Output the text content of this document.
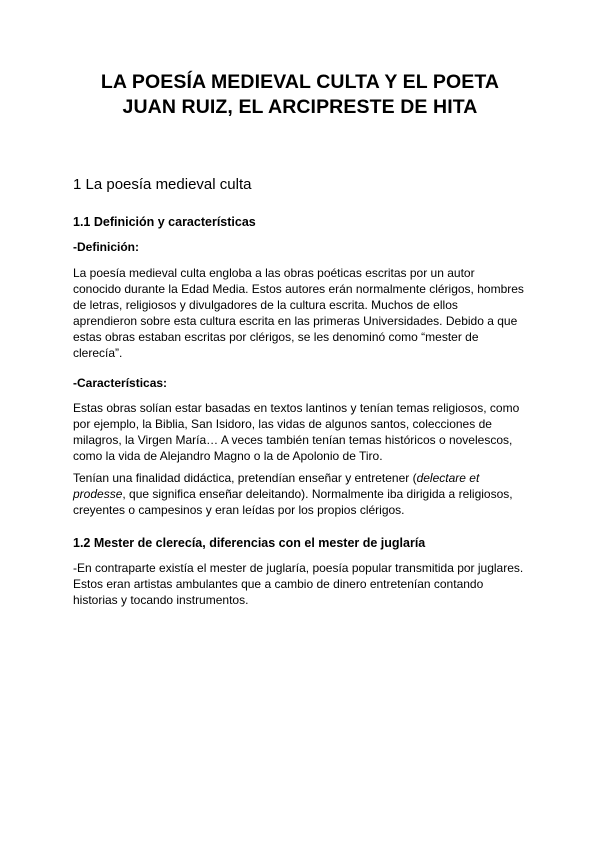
LA POESÍA MEDIEVAL CULTA Y EL POETA
JUAN RUIZ, EL ARCIPRESTE DE HITA
1 La poesía medieval culta
1.1 Definición y características

-Definición:

La poesía medieval culta engloba a las obras poéticas escritas por un autor
conocido durante la Edad Media. Estos autores erán normalmente clérigos, hombres
de letras, religiosos y divulgadores de la cultura escrita. Muchos de ellos
aprendieron sobre esta cultura escrita en las primeras Universidades. Debido a que
estas obras estaban escritas por clérigos, se les denominó como “mester de
clerecía”.

-Características:

Estas obras solían estar basadas en textos lantinos y tenían temas religiosos, como
por ejemplo, la Biblia, San Isidoro, las vidas de algunos santos, colecciones de
milagros, la Virgen María… A veces también tenían temas históricos o novelescos,
como la vida de Alejandro Magno o la de Apolonio de Tiro.

Tenían una finalidad didáctica, pretendían enseñar y entretener (delectare et
prodesse, que significa enseñar deleitando). Normalmente iba dirigida a religiosos,
creyentes o campesinos y eran leídas por los propios clérigos.

1.2 Mester de clerecía, diferencias con el mester de juglaría

-En contraparte existía el mester de juglaría, poesía popular transmitida por juglares.
Estos eran artistas ambulantes que a cambio de dinero entretenían contando
historias y tocando instrumentos.
